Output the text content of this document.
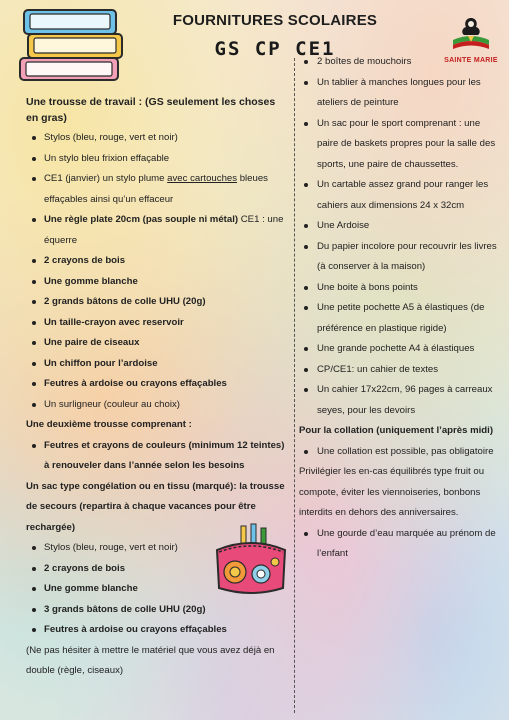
FOURNITURES SCOLAIRES
GS CP CE1
SAINTE MARIE
Une trousse de travail : (GS seulement les choses en gras)
Stylos (bleu, rouge, vert et noir)
Un stylo bleu frixion effaçable
CE1 (janvier) un stylo plume avec cartouches bleues effaçables ainsi qu’un effaceur
Une règle plate 20cm (pas souple ni métal) CE1 : une équerre
2 crayons de bois
Une gomme blanche
2 grands bâtons de colle UHU (20g)
Un taille-crayon avec reservoir
Une paire de ciseaux
Un chiffon pour l’ardoise
Feutres à ardoise ou crayons effaçables
Un surligneur (couleur au choix)

Une deuxième trousse comprenant :

Feutres et crayons de couleurs (minimum 12 teintes) à renouveler dans l’année selon les besoins

Un sac type congélation ou en tissu (marqué): la trousse de secours (repartira à chaque vacances pour être rechargée)

Stylos (bleu, rouge, vert et noir)
2 crayons de bois
Une gomme blanche
3 grands bâtons de colle UHU (20g)
Feutres à ardoise ou crayons effaçables

(Ne pas hésiter à mettre le matériel que vous avez déjà en double (règle, ciseaux)

2 boîtes de mouchoirs
Un tablier à manches longues pour les ateliers de peinture
Un sac pour le sport comprenant : une paire de baskets propres pour la salle des sports, une paire de chaussettes.
Un cartable assez grand pour ranger les cahiers aux dimensions 24 x 32cm
Une Ardoise
Du papier incolore pour recouvrir les livres (à conserver à la maison)
Une boite à bons points
Une petite pochette A5 à élastiques (de préférence en plastique rigide)
Une grande pochette A4 à élastiques
CP/CE1: un cahier de textes
Un cahier 17x22cm, 96 pages à carreaux seyes, pour les devoirs

Pour la collation (uniquement l’après midi)

Une collation est possible, pas obligatoire

Privilégier les en-cas équilibrés type fruit ou compote, éviter les viennoiseries, bonbons interdits en dehors des anniversaires.

Une gourde d’eau marquée au prénom de l’enfant
